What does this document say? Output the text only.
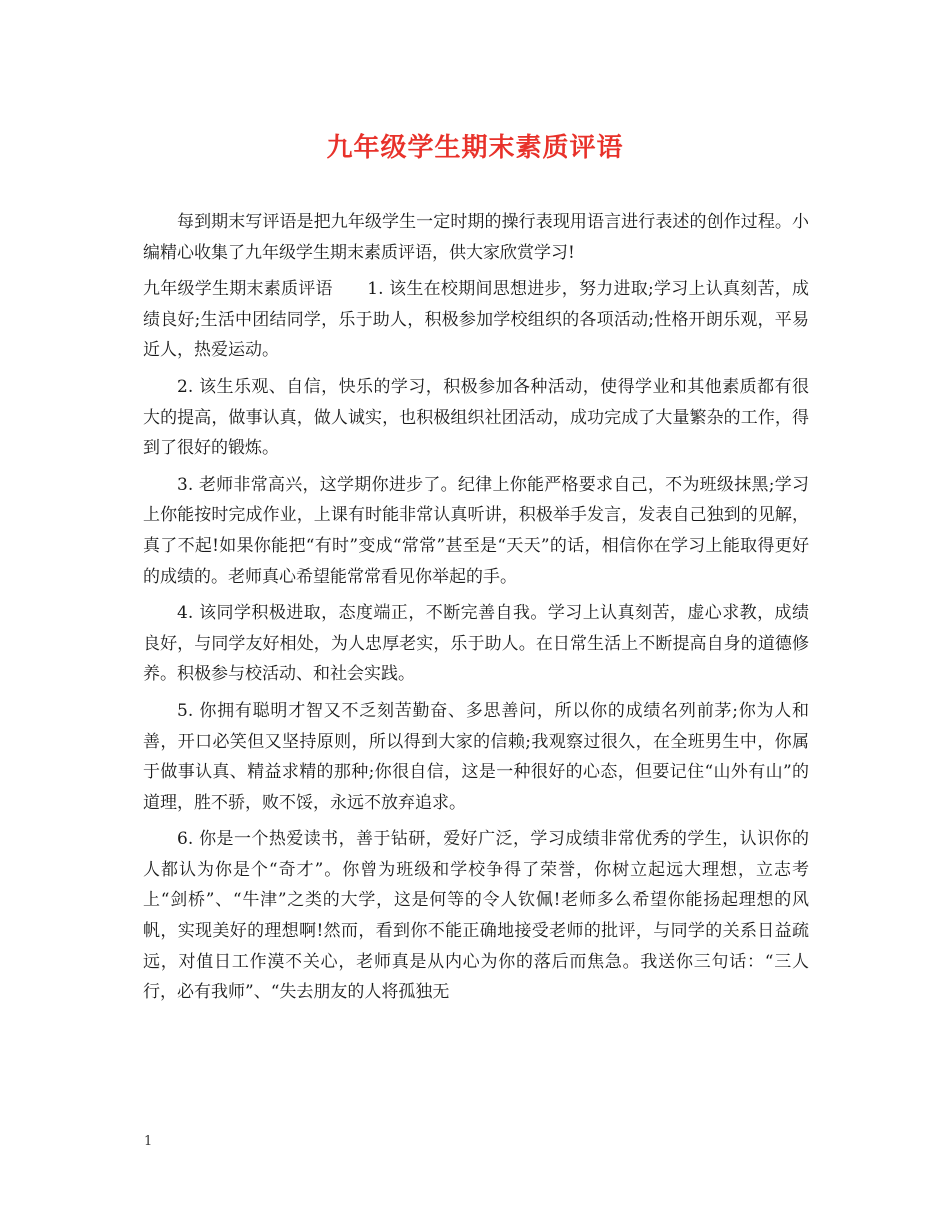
九年级学生期末素质评语

每到期末写评语是把九年级学生一定时期的操行表现用语言进行表述的创作过程。小编精心收集了九年级学生期末素质评语，供大家欣赏学习!

九年级学生期末素质评语　　1. 该生在校期间思想进步，努力进取;学习上认真刻苦，成绩良好;生活中团结同学，乐于助人，积极参加学校组织的各项活动;性格开朗乐观，平易近人，热爱运动。

2. 该生乐观、自信，快乐的学习，积极参加各种活动，使得学业和其他素质都有很大的提高，做事认真，做人诚实，也积极组织社团活动，成功完成了大量繁杂的工作，得到了很好的锻炼。

3. 老师非常高兴，这学期你进步了。纪律上你能严格要求自己，不为班级抹黑;学习上你能按时完成作业，上课有时能非常认真听讲，积极举手发言，发表自己独到的见解，真了不起!如果你能把“有时”变成“常常”甚至是“天天”的话，相信你在学习上能取得更好的成绩的。老师真心希望能常常看见你举起的手。

4. 该同学积极进取，态度端正，不断完善自我。学习上认真刻苦，虚心求教，成绩良好，与同学友好相处，为人忠厚老实，乐于助人。在日常生活上不断提高自身的道德修养。积极参与校活动、和社会实践。

5. 你拥有聪明才智又不乏刻苦勤奋、多思善问，所以你的成绩名列前茅;你为人和善，开口必笑但又坚持原则，所以得到大家的信赖;我观察过很久，在全班男生中，你属于做事认真、精益求精的那种;你很自信，这是一种很好的心态，但要记住“山外有山”的道理，胜不骄，败不馁，永远不放弃追求。

6. 你是一个热爱读书，善于钻研，爱好广泛，学习成绩非常优秀的学生，认识你的人都认为你是个“奇才”。你曾为班级和学校争得了荣誉，你树立起远大理想，立志考上“剑桥”、“牛津”之类的大学，这是何等的令人钦佩!老师多么希望你能扬起理想的风帆，实现美好的理想啊!然而，看到你不能正确地接受老师的批评，与同学的关系日益疏远，对值日工作漠不关心，老师真是从内心为你的落后而焦急。我送你三句话：“三人行，必有我师”、“失去朋友的人将孤独无

1
